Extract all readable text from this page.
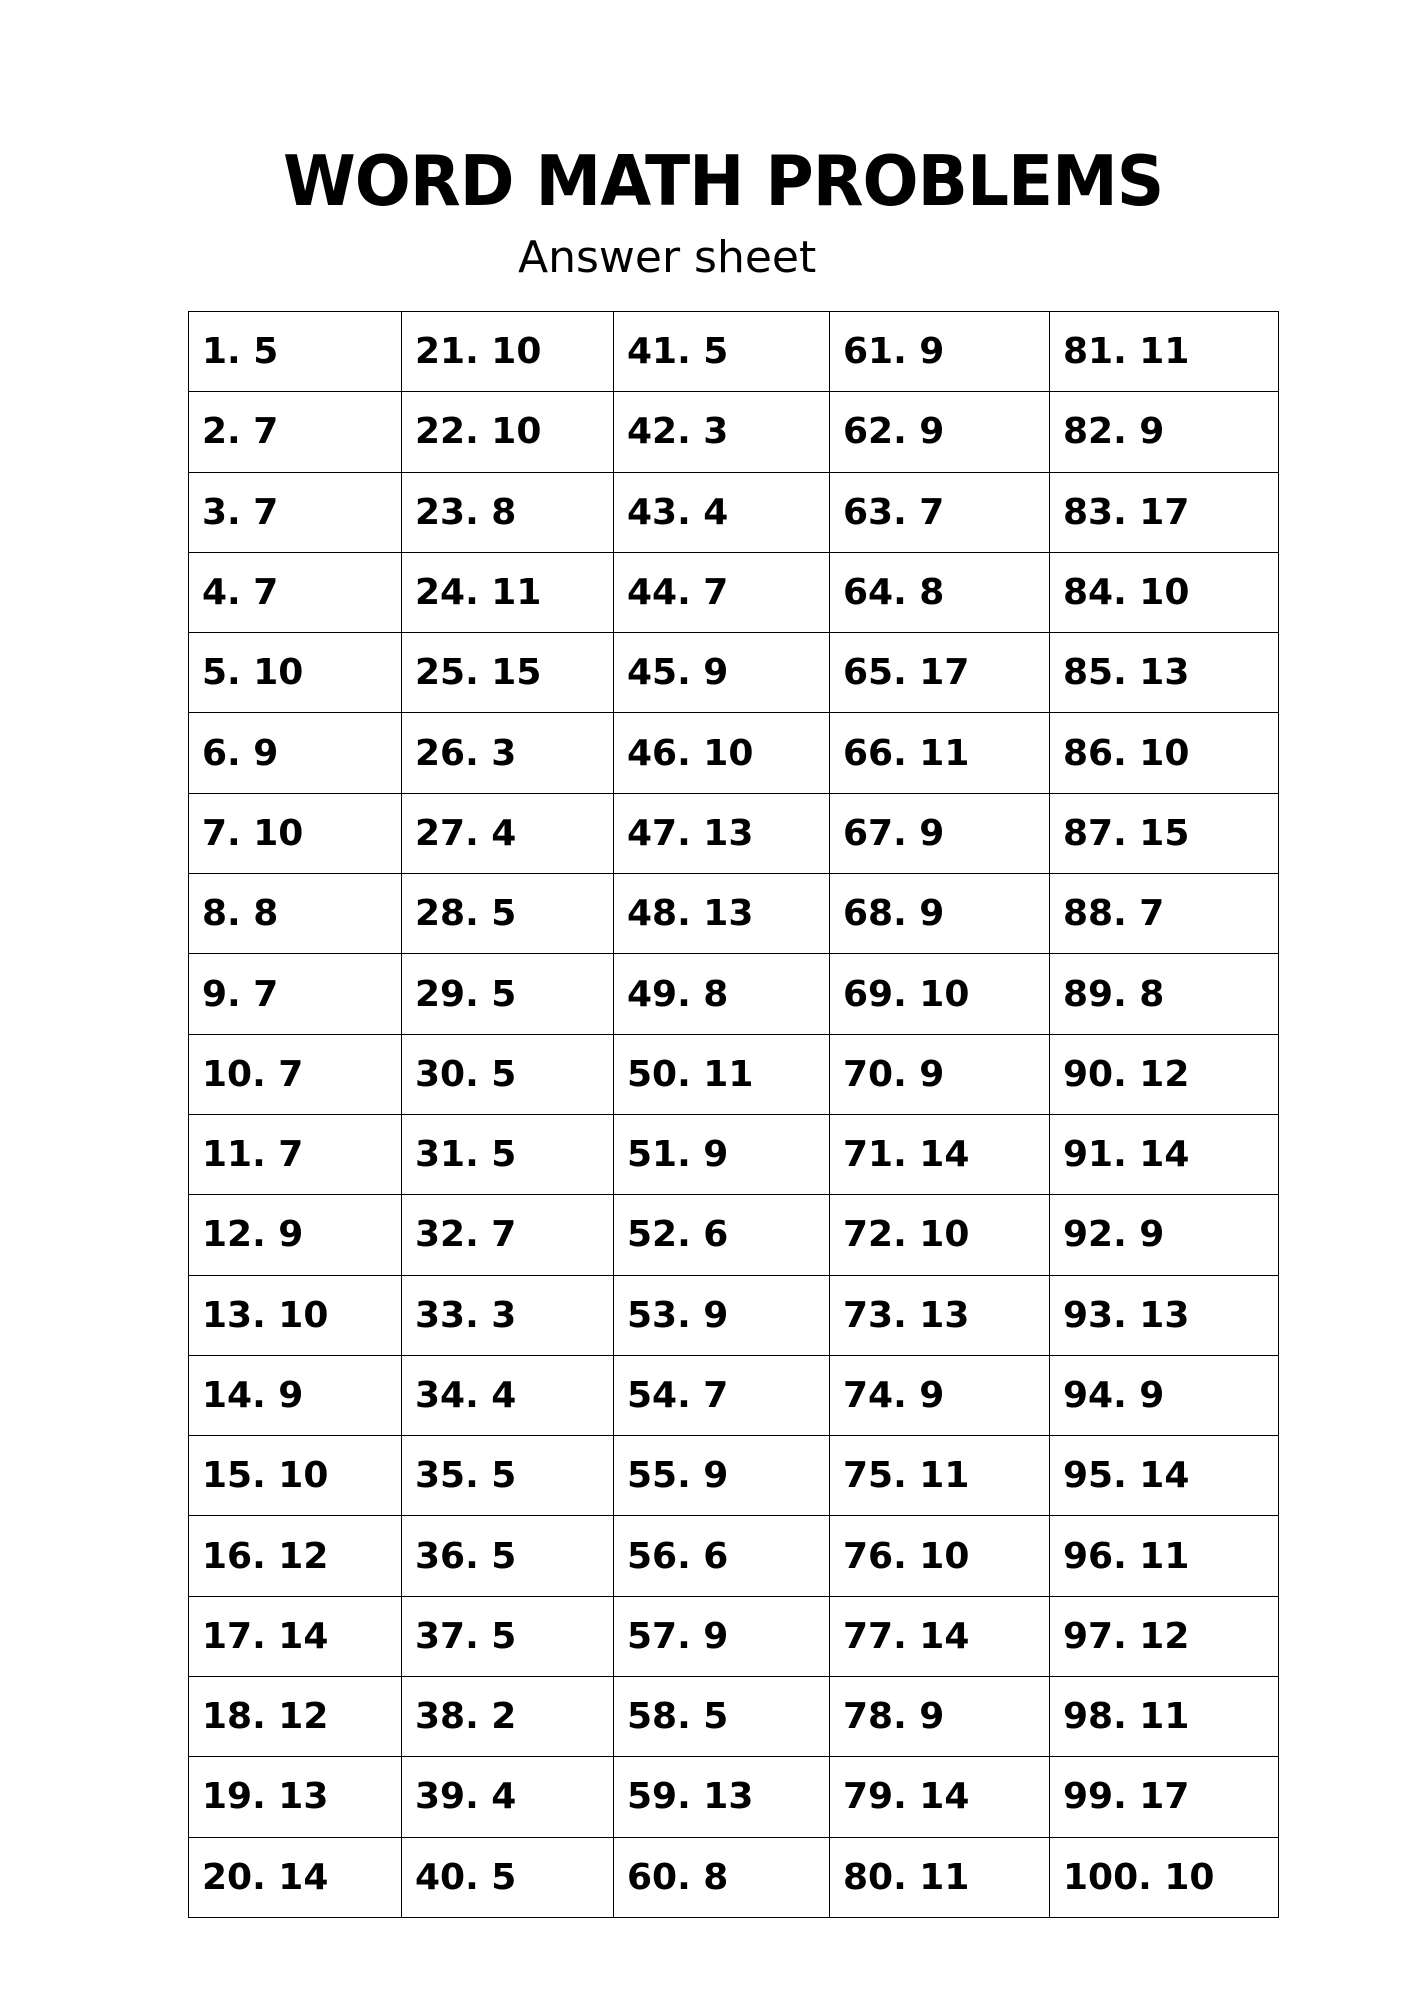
WORD MATH PROBLEMS

Answer sheet

1. 5	21. 10	41. 5	61. 9	81. 11
2. 7	22. 10	42. 3	62. 9	82. 9
3. 7	23. 8	43. 4	63. 7	83. 17
4. 7	24. 11	44. 7	64. 8	84. 10
5. 10	25. 15	45. 9	65. 17	85. 13
6. 9	26. 3	46. 10	66. 11	86. 10
7. 10	27. 4	47. 13	67. 9	87. 15
8. 8	28. 5	48. 13	68. 9	88. 7
9. 7	29. 5	49. 8	69. 10	89. 8
10. 7	30. 5	50. 11	70. 9	90. 12
11. 7	31. 5	51. 9	71. 14	91. 14
12. 9	32. 7	52. 6	72. 10	92. 9
13. 10	33. 3	53. 9	73. 13	93. 13
14. 9	34. 4	54. 7	74. 9	94. 9
15. 10	35. 5	55. 9	75. 11	95. 14
16. 12	36. 5	56. 6	76. 10	96. 11
17. 14	37. 5	57. 9	77. 14	97. 12
18. 12	38. 2	58. 5	78. 9	98. 11
19. 13	39. 4	59. 13	79. 14	99. 17
20. 14	40. 5	60. 8	80. 11	100. 10
